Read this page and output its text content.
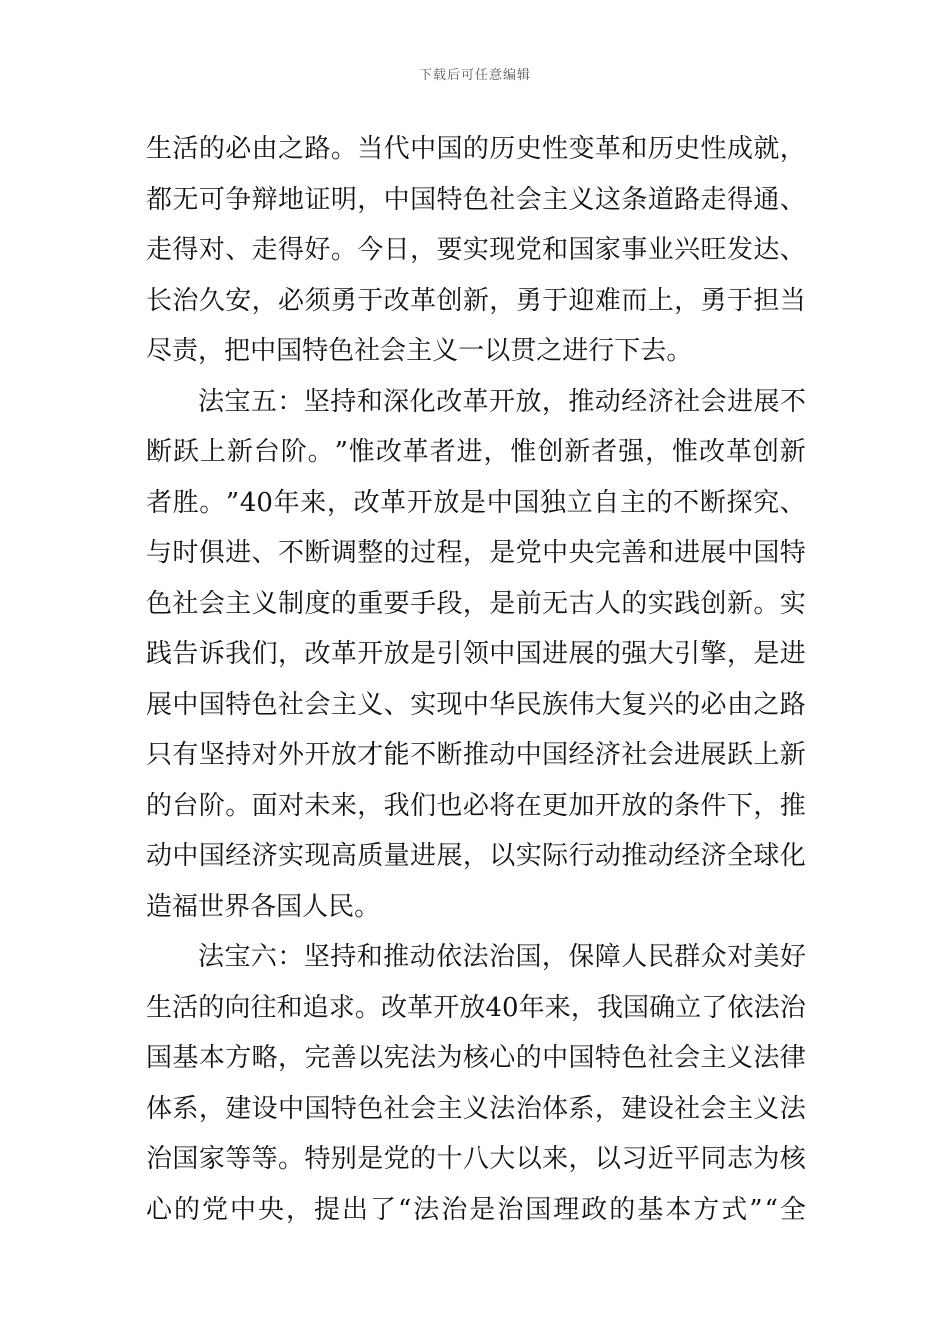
下载后可任意编辑
生 活 的 必 由 之 路 。 当 代 中 国 的 历 史 性 变 革 和 历 史 性 成 就 ，
都 无 可 争 辩 地 证 明 ， 中 国 特 色 社 会 主 义 这 条 道 路 走 得 通 、
走 得 对 、 走 得 好 。 今 日 ， 要 实 现 党 和 国 家 事 业 兴 旺 发 达 、
长 治 久 安 ， 必 须 勇 于 改 革 创 新 ， 勇 于 迎 难 而 上 ， 勇 于 担 当
尽 责 ， 把 中 国 特 色 社 会 主 义 一 以 贯 之 进 行 下 去 。
法 宝 五 ： 坚 持 和 深 化 改 革 开 放 ， 推 动 经 济 社 会 进 展 不
断 跃 上 新 台 阶 。 ” 惟 改 革 者 进 ， 惟 创 新 者 强 ， 惟 改 革 创 新
者 胜 。 ” 40 年 来 ， 改 革 开 放 是 中 国 独 立 自 主 的 不 断 探 究 、
与 时 俱 进 、 不 断 调 整 的 过 程 ， 是 党 中 央 完 善 和 进 展 中 国 特
色 社 会 主 义 制 度 的 重 要 手 段 ， 是 前 无 古 人 的 实 践 创 新 。 实
践 告 诉 我 们 ， 改 革 开 放 是 引 领 中 国 进 展 的 强 大 引 擎 ， 是 进
展 中 国 特 色 社 会 主 义 、 实 现 中 华 民 族 伟 大 复 兴 的 必 由 之 路
只 有 坚 持 对 外 开 放 才 能 不 断 推 动 中 国 经 济 社 会 进 展 跃 上 新
的 台 阶 。 面 对 未 来 ， 我 们 也 必 将 在 更 加 开 放 的 条 件 下 ， 推
动 中 国 经 济 实 现 高 质 量 进 展 ， 以 实 际 行 动 推 动 经 济 全 球 化
造 福 世 界 各 国 人 民 。
法 宝 六 ： 坚 持 和 推 动 依 法 治 国 ， 保 障 人 民 群 众 对 美 好
生 活 的 向 往 和 追 求 。 改 革 开 放 40 年 来 ， 我 国 确 立 了 依 法 治
国 基 本 方 略 ， 完 善 以 宪 法 为 核 心 的 中 国 特 色 社 会 主 义 法 律
体 系 ， 建 设 中 国 特 色 社 会 主 义 法 治 体 系 ， 建 设 社 会 主 义 法
治 国 家 等 等 。 特 别 是 党 的 十 八 大 以 来 ， 以 习 近 平 同 志 为 核
心 的 党 中 央 ， 提 出 了 “ 法 治 是 治 国 理 政 的 基 本 方 式 ” “ 全
